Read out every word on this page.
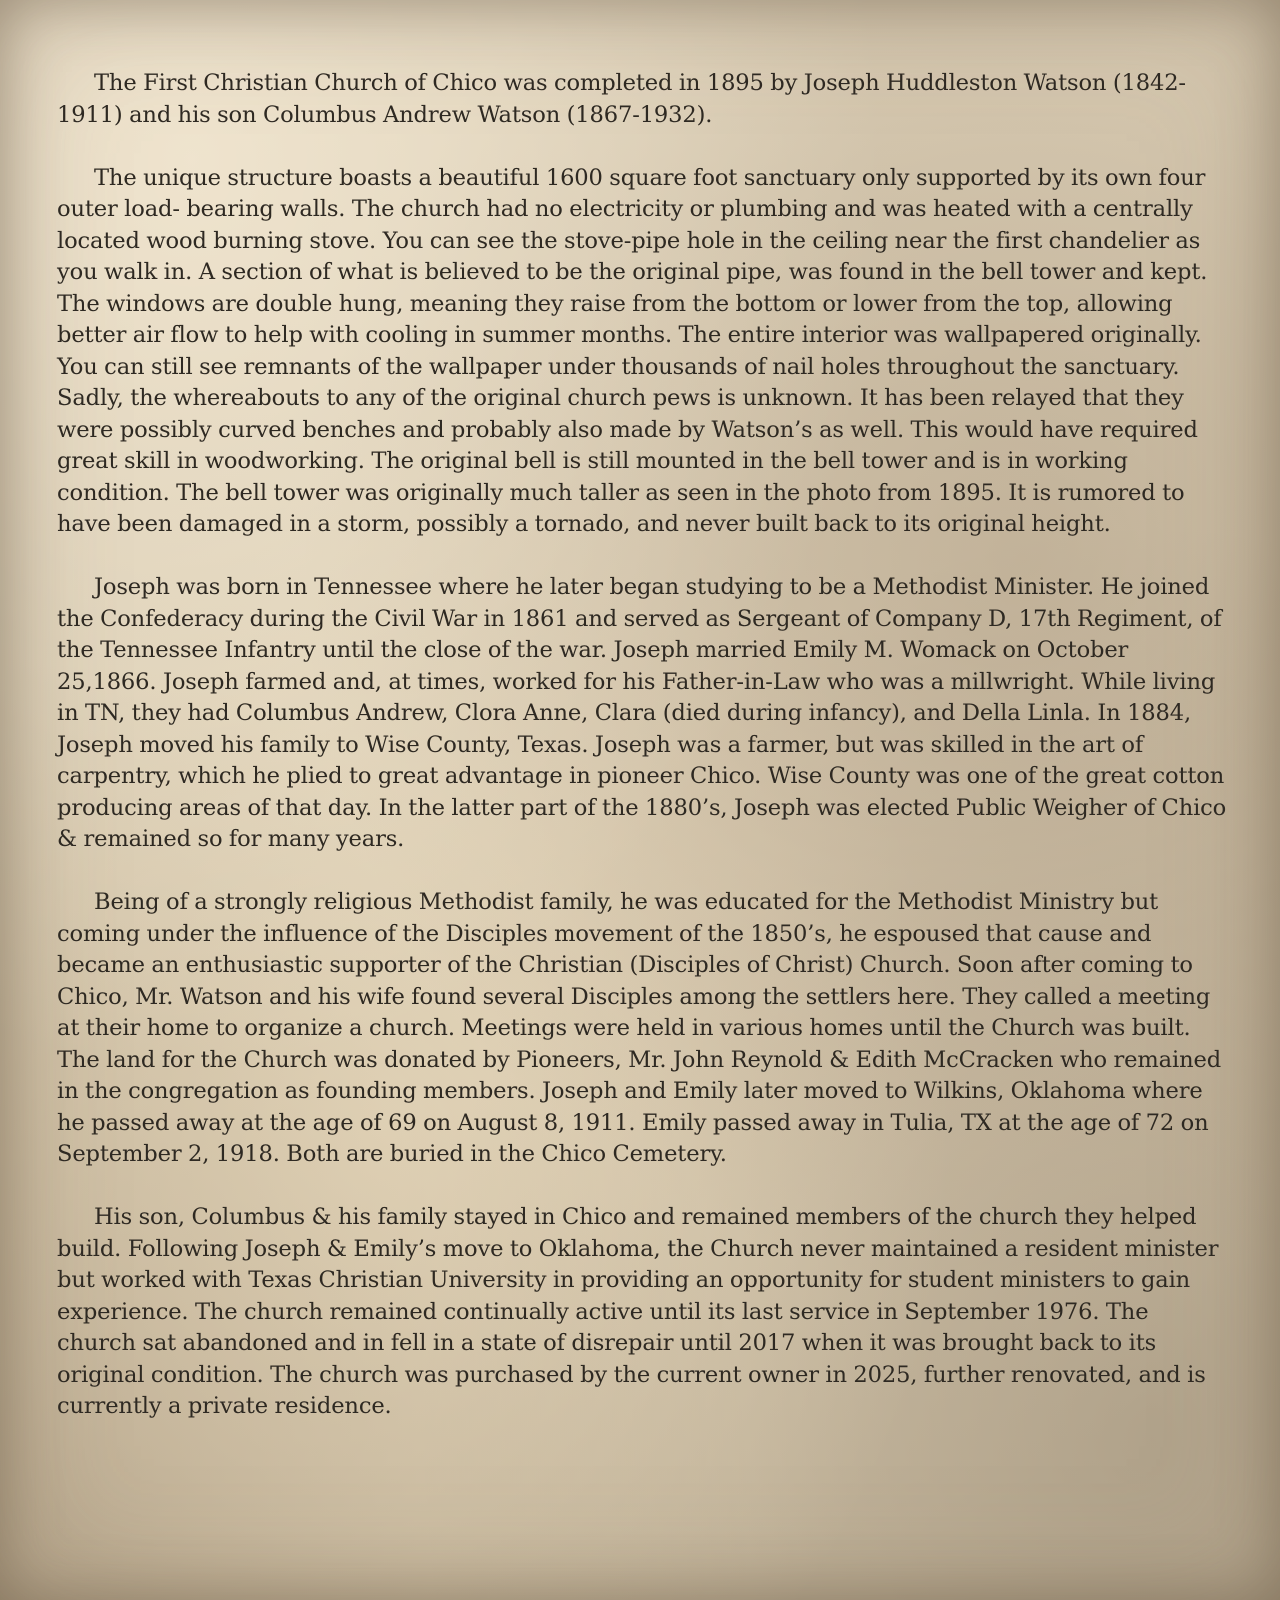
The First Christian Church of Chico was completed in 1895 by Joseph Huddleston Watson (1842-1911) and his son Columbus Andrew Watson (1867-1932).

The unique structure boasts a beautiful 1600 square foot sanctuary only supported by its own four outer load- bearing walls. The church had no electricity or plumbing and was heated with a centrally located wood burning stove. You can see the stove-pipe hole in the ceiling near the first chandelier as you walk in. A section of what is believed to be the original pipe, was found in the bell tower and kept. The windows are double hung, meaning they raise from the bottom or lower from the top, allowing better air flow to help with cooling in summer months. The entire interior was wallpapered originally. You can still see remnants of the wallpaper under thousands of nail holes throughout the sanctuary. Sadly, the whereabouts to any of the original church pews is unknown. It has been relayed that they were possibly curved benches and probably also made by Watson’s as well. This would have required great skill in woodworking. The original bell is still mounted in the bell tower and is in working condition. The bell tower was originally much taller as seen in the photo from 1895. It is rumored to have been damaged in a storm, possibly a tornado, and never built back to its original height.

Joseph was born in Tennessee where he later began studying to be a Methodist Minister. He joined the Confederacy during the Civil War in 1861 and served as Sergeant of Company D, 17th Regiment, of the Tennessee Infantry until the close of the war. Joseph married Emily M. Womack on October 25,1866. Joseph farmed and, at times, worked for his Father-in-Law who was a millwright. While living in TN, they had Columbus Andrew, Clora Anne, Clara (died during infancy), and Della Linla. In 1884, Joseph moved his family to Wise County, Texas. Joseph was a farmer, but was skilled in the art of carpentry, which he plied to great advantage in pioneer Chico. Wise County was one of the great cotton producing areas of that day. In the latter part of the 1880’s, Joseph was elected Public Weigher of Chico & remained so for many years.

Being of a strongly religious Methodist family, he was educated for the Methodist Ministry but coming under the influence of the Disciples movement of the 1850’s, he espoused that cause and became an enthusiastic supporter of the Christian (Disciples of Christ) Church. Soon after coming to Chico, Mr. Watson and his wife found several Disciples among the settlers here. They called a meeting at their home to organize a church. Meetings were held in various homes until the Church was built. The land for the Church was donated by Pioneers, Mr. John Reynold & Edith McCracken who remained in the congregation as founding members. Joseph and Emily later moved to Wilkins, Oklahoma where he passed away at the age of 69 on August 8, 1911. Emily passed away in Tulia, TX at the age of 72 on September 2, 1918. Both are buried in the Chico Cemetery.

His son, Columbus & his family stayed in Chico and remained members of the church they helped build. Following Joseph & Emily’s move to Oklahoma, the Church never maintained a resident minister but worked with Texas Christian University in providing an opportunity for student ministers to gain experience. The church remained continually active until its last service in September 1976. The church sat abandoned and in fell in a state of disrepair until 2017 when it was brought back to its original condition. The church was purchased by the current owner in 2025, further renovated, and is currently a private residence.
